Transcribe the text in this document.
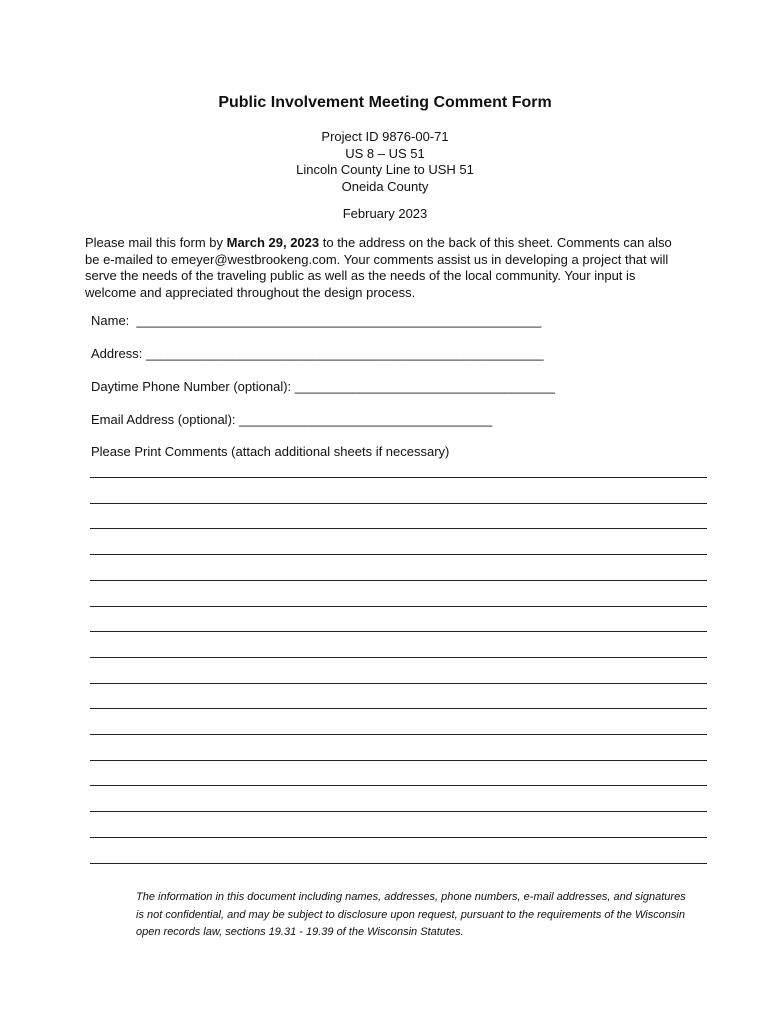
Public Involvement Meeting Comment Form
Project ID 9876-00-71
US 8 – US 51
Lincoln County Line to USH 51
Oneida County
February 2023
Please mail this form by March 29, 2023 to the address on the back of this sheet. Comments can also be e-mailed to emeyer@westbrookeng.com. Your comments assist us in developing a project that will serve the needs of the traveling public as well as the needs of the local community. Your input is welcome and appreciated throughout the design process.
Name:  ________________________________________________________
Address: _______________________________________________________
Daytime Phone Number (optional): ____________________________________
Email Address (optional): ___________________________________
Please Print Comments (attach additional sheets if necessary)
The information in this document including names, addresses, phone numbers, e-mail addresses, and signatures is not confidential, and may be subject to disclosure upon request, pursuant to the requirements of the Wisconsin open records law, sections 19.31 - 19.39 of the Wisconsin Statutes.
